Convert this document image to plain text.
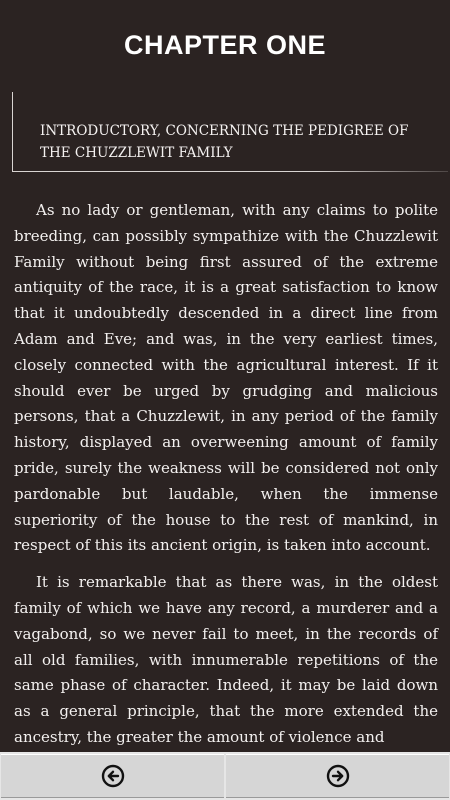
CHAPTER ONE

INTRODUCTORY, CONCERNING THE PEDIGREE OF THE CHUZZLEWIT FAMILY

As no lady or gentleman, with any claims to polite breeding, can possibly sympathize with the Chuzzlewit Family without being first assured of the extreme antiquity of the race, it is a great satisfaction to know that it undoubtedly descended in a direct line from Adam and Eve; and was, in the very earliest times, closely connected with the agricultural interest. If it should ever be urged by grudging and malicious persons, that a Chuzzlewit, in any period of the family history, displayed an overweening amount of family pride, surely the weakness will be considered not only pardonable but laudable, when the immense superiority of the house to the rest of mankind, in respect of this its ancient origin, is taken into account.

It is remarkable that as there was, in the oldest family of which we have any record, a murderer and a vagabond, so we never fail to meet, in the records of all old families, with innumerable repetitions of the same phase of character. Indeed, it may be laid down as a general principle, that the more extended the ancestry, the greater the amount of violence and
